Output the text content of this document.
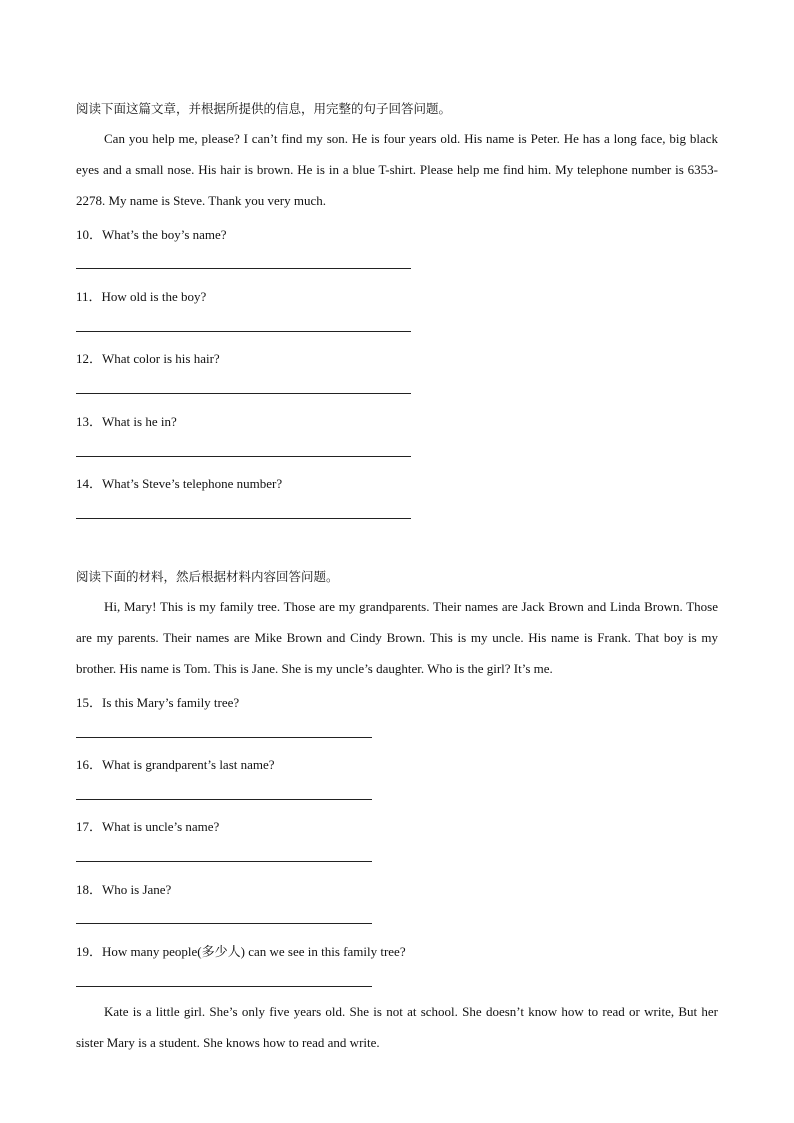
阅读下面这篇文章，并根据所提供的信息，用完整的句子回答问题。
Can you help me, please? I can’t find my son. He is four years old. His name is Peter. He has a long face, big black eyes and a small nose. His hair is brown. He is in a blue T-shirt. Please help me find him. My telephone number is 6353-2278. My name is Steve. Thank you very much.
10．What’s the boy’s name?
11．How old is the boy?
12．What color is his hair?
13．What is he in?
14．What’s Steve’s telephone number?
阅读下面的材料，然后根据材料内容回答问题。
Hi, Mary! This is my family tree. Those are my grandparents. Their names are Jack Brown and Linda Brown. Those are my parents. Their names are Mike Brown and Cindy Brown. This is my uncle. His name is Frank. That boy is my brother. His name is Tom. This is Jane. She is my uncle’s daughter. Who is the girl? It’s me.
15．Is this Mary’s family tree?
16．What is grandparent’s last name?
17．What is uncle’s name?
18．Who is Jane?
19．How many people(多少人) can we see in this family tree?
Kate is a little girl. She’s only five years old. She is not at school. She doesn’t know how to read or write, But her sister Mary is a student. She knows how to read and write.
